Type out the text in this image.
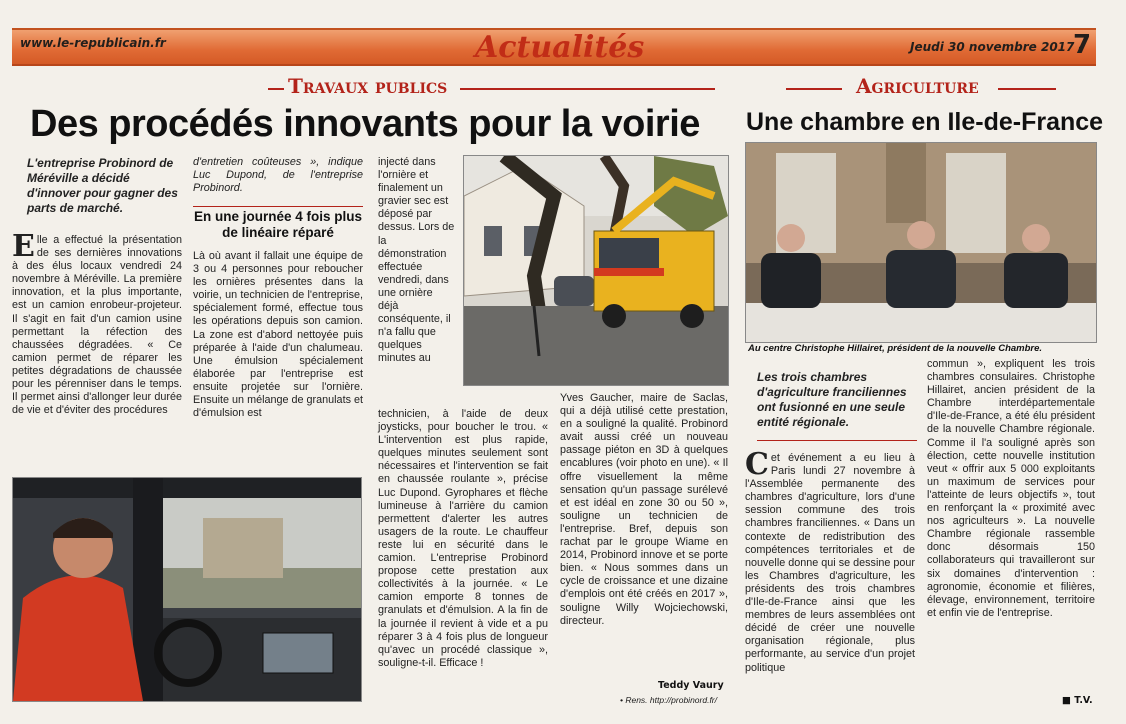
www.le-republicain.fr	Actualités	Jeudi 30 novembre 2017 -
7
Travaux publics
Des procédés innovants pour la voirie
L'entreprise Probinord de Méréville a décidé d'innover pour gagner des parts de marché.
Elle a effectué la présentation de ses dernières innovations à des élus locaux vendredi 24 novembre à Méréville. La première innovation, et la plus importante, est un camion enrobeur-projeteur. Il s'agit en fait d'un camion usine permettant la réfection des chaussées dégradées. « Ce camion permet de réparer les petites dégradations de chaussée pour les pérenniser dans le temps. Il permet ainsi d'allonger leur durée de vie et d'éviter des procédures
d'entretien coûteuses », indique Luc Dupond, de l'entreprise Probinord.
En une journée 4 fois plus de linéaire réparé
Là où avant il fallait une équipe de 3 ou 4 personnes pour reboucher les ornières présentes dans la voirie, un technicien de l'entreprise, spécialement formé, effectue tous les opérations depuis son camion. La zone est d'abord nettoyée puis préparée à l'aide d'un chalumeau. Une émulsion spécialement élaborée par l'entreprise est ensuite projetée sur l'ornière. Ensuite un mélange de granulats et d'émulsion est
injecté dans l'ornière et finalement un gravier sec est déposé par dessus. Lors de la démonstration effectuée vendredi, dans une ornière déjà conséquente, il n'a fallu que quelques minutes au
technicien, à l'aide de deux joysticks, pour boucher le trou. « L'intervention est plus rapide, quelques minutes seulement sont nécessaires et l'intervention se fait en chaussée roulante », précise Luc Dupond. Gyrophares et flèche lumineuse à l'arrière du camion permettent d'alerter les autres usagers de la route. Le chauffeur reste lui en sécurité dans le camion. L'entreprise Probinord propose cette prestation aux collectivités à la journée. « Le camion emporte 8 tonnes de granulats et d'émulsion. A la fin de la journée il revient à vide et a pu réparer 3 à 4 fois plus de longueur qu'avec un procédé classique », souligne-t-il. Efficace !
Yves Gaucher, maire de Saclas, qui a déjà utilisé cette prestation, en a souligné la qualité. Probinord avait aussi créé un nouveau passage piéton en 3D à quelques encablures (voir photo en une). « Il offre visuellement la même sensation qu'un passage surélevé et est idéal en zone 30 ou 50 », souligne un technicien de l'entreprise. Bref, depuis son rachat par le groupe Wiame en 2014, Probinord innove et se porte bien. « Nous sommes dans un cycle de croissance et une dizaine d'emplois ont été créés en 2017 », souligne Willy Wojciechowski, directeur.
Teddy Vaury
• Rens. http://probinord.fr/
Agriculture
Une chambre en Ile-de-France
Au centre Christophe Hillairet, président de la nouvelle Chambre.
Les trois chambres d'agriculture franciliennes ont fusionné en une seule entité régionale.
Cet événement a eu lieu à Paris lundi 27 novembre à l'Assemblée permanente des chambres d'agriculture, lors d'une session commune des trois chambres franciliennes. « Dans un contexte de redistribution des compétences territoriales et de nouvelle donne qui se dessine pour les Chambres d'agriculture, les présidents des trois chambres d'Ile-de-France ainsi que les membres de leurs assemblées ont décidé de créer une nouvelle organisation régionale, plus performante, au service d'un projet politique
commun », expliquent les trois chambres consulaires. Christophe Hillairet, ancien président de la Chambre interdépartementale d'Ile-de-France, a été élu président de la nouvelle Chambre régionale. Comme il l'a souligné après son élection, cette nouvelle institution veut « offrir aux 5 000 exploitants un maximum de services pour l'atteinte de leurs objectifs », tout en renforçant la « proximité avec nos agriculteurs ». La nouvelle Chambre régionale rassemble donc désormais 150 collaborateurs qui travailleront sur six domaines d'intervention : agronomie, économie et filières, élevage, environnement, territoire et enfin vie de l'entreprise.
■ T.V.
